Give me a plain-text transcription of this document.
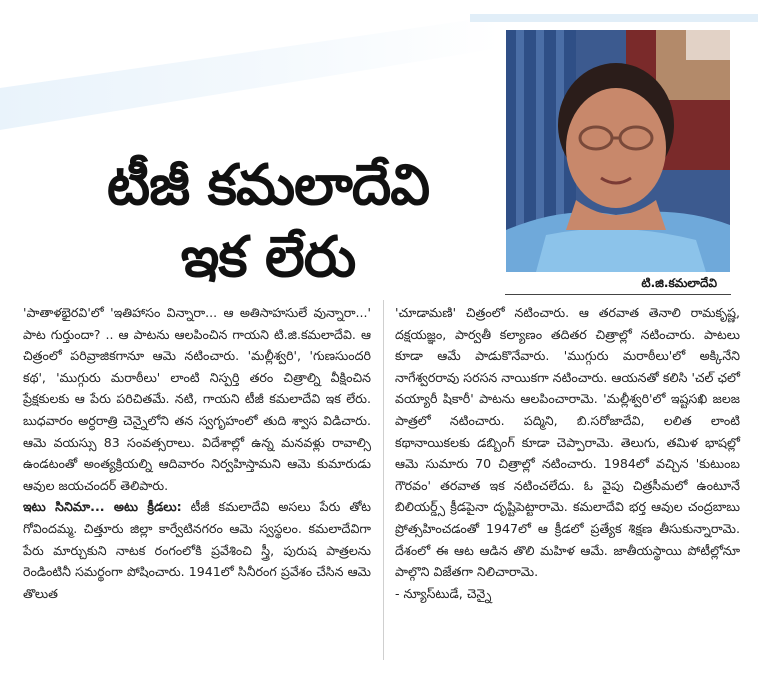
టి.జి.కమలాదేవి
టీజీ కమలాదేవి
ఇక లేరు

'పాతాళభైరవి'లో 'ఇతిహాసం విన్నారా... ఆ అతిసాహసులే వున్నారా...' పాట గుర్తుందా? .. ఆ పాటను ఆలపించిన గాయని టి.జి.కమలాదేవి. ఆ చిత్రంలో పరివ్రాజికగానూ ఆమె నటించారు. 'మల్లీశ్వరి', 'గుణసుందరి కథ', 'ముగ్గురు మరాఠీలు' లాంటి నిస్పర్తి తరం చిత్రాల్ని వీక్షించిన ప్రేక్షకులకు ఆ పేరు పరిచితమే. నటి, గాయని టీజీ కమలాదేవి ఇక లేరు. బుధవారం అర్ధరాత్రి చెన్నైలోని తన స్వగృహంలో తుది శ్వాస విడిచారు. ఆమె వయస్సు 83 సంవత్సరాలు. విదేశాల్లో ఉన్న మనవళ్లు రావాల్సి ఉండటంతో అంత్యక్రియల్ని ఆదివారం నిర్వహిస్తామని ఆమె కుమారుడు ఆవుల జయచందర్ తెలిపారు.

ఇటు సినిమా... అటు క్రీడలు: టీజీ కమలాదేవి అసలు పేరు తోట గోవిందమ్మ. చిత్తూరు జిల్లా కార్వేటినగరం ఆమె స్వస్థలం. కమలాదేవిగా పేరు మార్చుకుని నాటక రంగంలోకి ప్రవేశించి స్త్రీ, పురుష పాత్రలను రెండింటినీ సమర్థంగా పోషించారు. 1941లో సినీరంగ ప్రవేశం చేసిన ఆమె తొలుత

'చూడామణి' చిత్రంలో నటించారు. ఆ తరవాత తెనాలి రామకృష్ణ, దక్షయజ్ఞం, పార్వతీ కల్యాణం తదితర చిత్రాల్లో నటించారు. పాటలు కూడా ఆమే పాడుకొనేవారు. 'ముగ్గురు మరాఠీలు'లో అక్కినేని నాగేశ్వరరావు సరసన నాయికగా నటించారు. ఆయనతో కలిసి 'చల్ ఛలో వయ్యారీ షికారీ' పాటను ఆలపించారామె. 'మల్లీశ్వరి'లో ఇష్టసఖి జలజ పాత్రలో నటించారు. పద్మిని, బి.సరోజాదేవి, లలిత లాంటి కథానాయికలకు డబ్బింగ్ కూడా చెప్పారామె. తెలుగు, తమిళ భాషల్లో ఆమె సుమారు 70 చిత్రాల్లో నటించారు. 1984లో వచ్చిన 'కుటుంబ గౌరవం' తరవాత ఇక నటించలేదు. ఓ వైపు చిత్రసీమలో ఉంటూనే బిలియర్డ్స్ క్రీడపైనా దృష్టిపెట్టారామె. కమలాదేవి భర్త ఆవుల చంద్రబాబు ప్రోత్సహించడంతో 1947లో ఆ క్రీడలో ప్రత్యేక శిక్షణ తీసుకున్నారామె. దేశంలో ఈ ఆట ఆడిన తొలి మహిళ ఆమే. జాతీయస్థాయి పోటీల్లోనూ పాల్గొని విజేతగా నిలిచారామె.

- న్యూస్‌టుడే, చెన్నై
